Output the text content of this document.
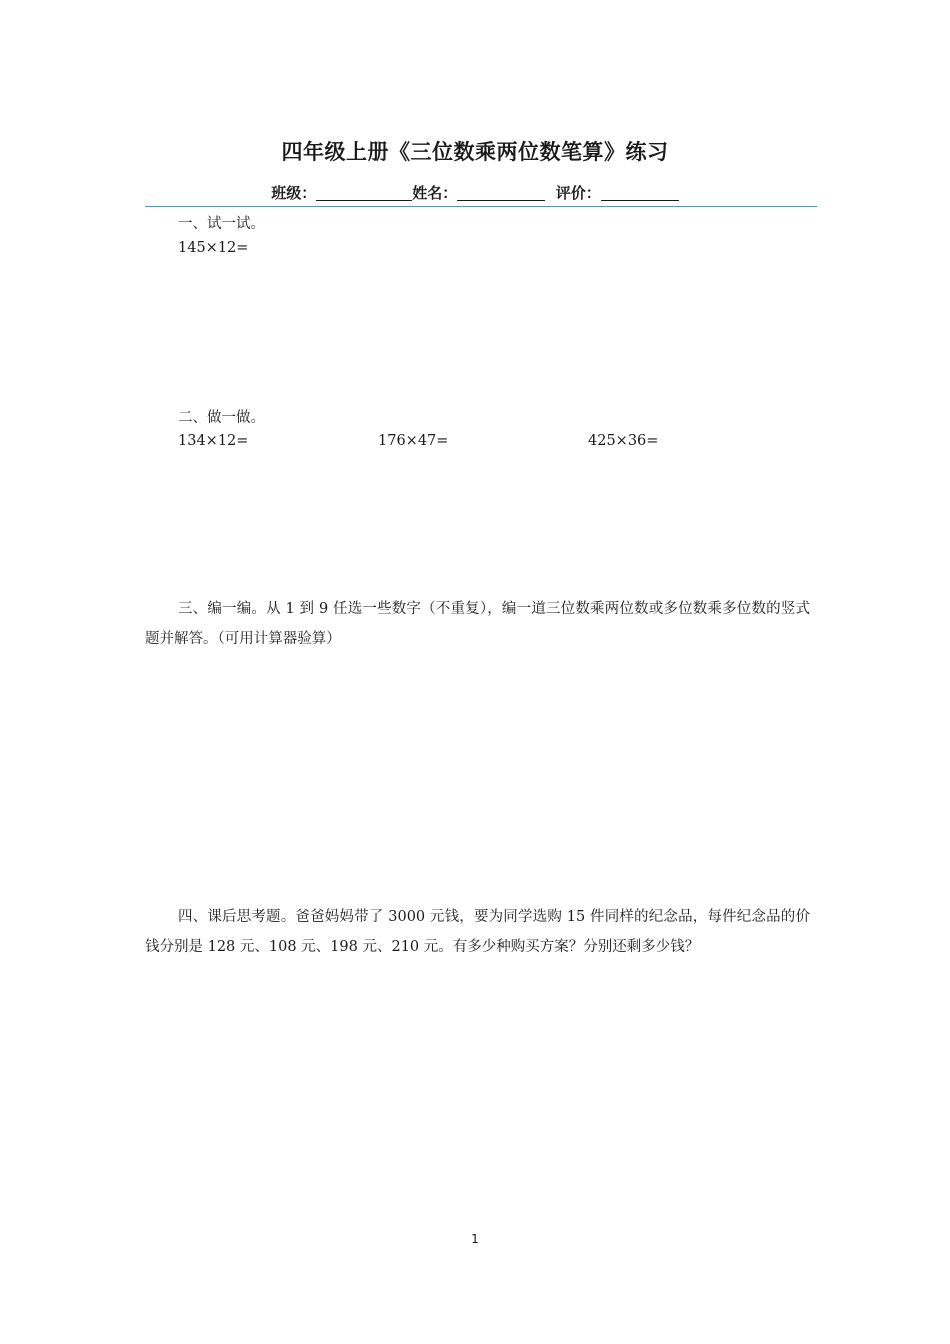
四年级上册《三位数乘两位数笔算》练习
班级：	姓名：	评价：
一、试一试。
145×12=
二、做一做。
134×12=	176×47=	425×36=
三、编一编。从 1 到 9 任选一些数字（不重复），编一道三位数乘两位数或多位数乘多位数的竖式题并解答。（可用计算器验算）
四、课后思考题。爸爸妈妈带了 3000 元钱，要为同学选购 15 件同样的纪念品，每件纪念品的价钱分别是 128 元、108 元、198 元、210 元。有多少种购买方案？分别还剩多少钱？
1
